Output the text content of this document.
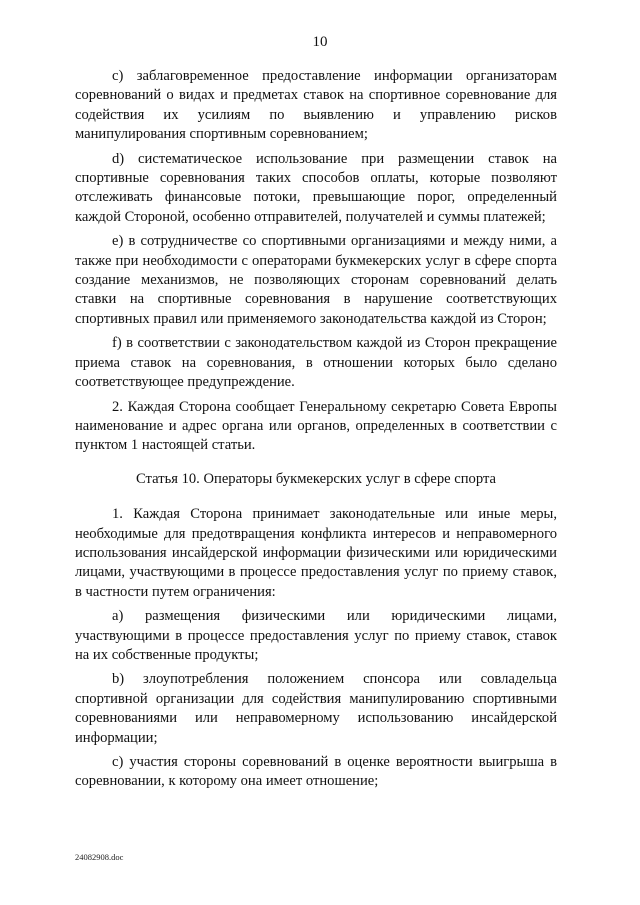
10

c) заблаговременное предоставление информации организаторам соревнований о видах и предметах ставок на спортивное соревнование для содействия их усилиям по выявлению и управлению рисков манипулирования спортивным соревнованием;

d) систематическое использование при размещении ставок на спортивные соревнования таких способов оплаты, которые позволяют отслеживать финансовые потоки, превышающие порог, определенный каждой Стороной, особенно отправителей, получателей и суммы платежей;

e) в сотрудничестве со спортивными организациями и между ними, а также при необходимости с операторами букмекерских услуг в сфере спорта создание механизмов, не позволяющих сторонам соревнований делать ставки на спортивные соревнования в нарушение соответствующих спортивных правил или применяемого законодательства каждой из Сторон;

f) в соответствии с законодательством каждой из Сторон прекращение приема ставок на соревнования, в отношении которых было сделано соответствующее предупреждение.

2. Каждая Сторона сообщает Генеральному секретарю Совета Европы наименование и адрес органа или органов, определенных в соответствии с пунктом 1 настоящей статьи.

Статья 10. Операторы букмекерских услуг в сфере спорта

1. Каждая Сторона принимает законодательные или иные меры, необходимые для предотвращения конфликта интересов и неправомерного использования инсайдерской информации физическими или юридическими лицами, участвующими в процессе предоставления услуг по приему ставок, в частности путем ограничения:

a) размещения физическими или юридическими лицами, участвующими в процессе предоставления услуг по приему ставок, ставок на их собственные продукты;

b) злоупотребления положением спонсора или совладельца спортивной организации для содействия манипулированию спортивными соревнованиями или неправомерному использованию инсайдерской информации;

c) участия стороны соревнований в оценке вероятности выигрыша в соревновании, к которому она имеет отношение;

24082908.doc
